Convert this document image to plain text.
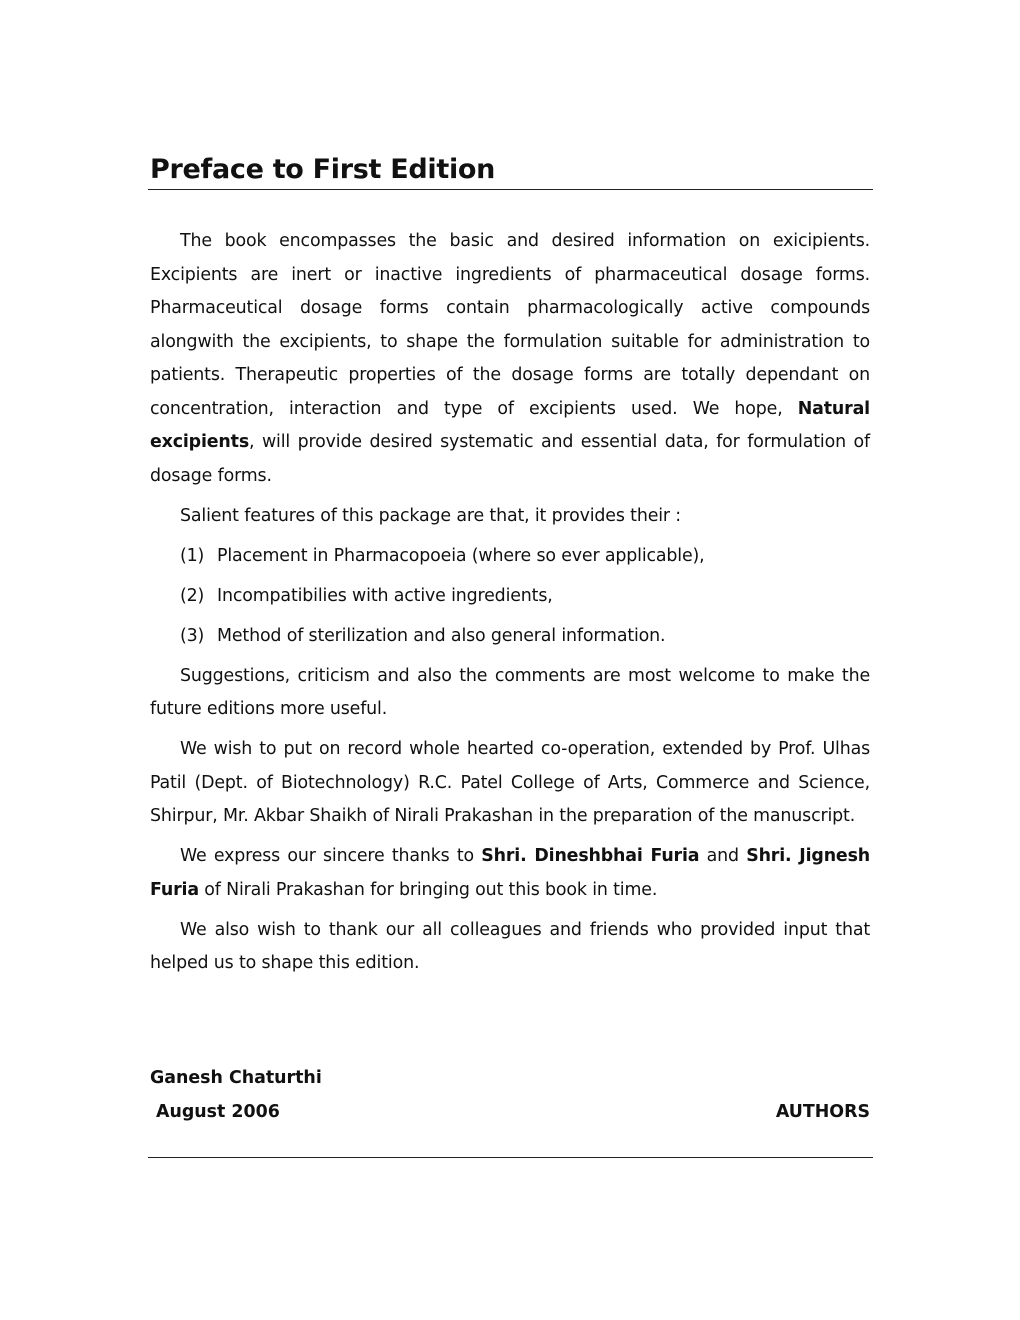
Preface to First Edition

The book encompasses the basic and desired information on exicipients. Excipients are inert or inactive ingredients of pharmaceutical dosage forms. Pharmaceutical dosage forms contain pharmacologically active compounds alongwith the excipients, to shape the formulation suitable for administration to patients. Therapeutic properties of the dosage forms are totally dependant on concentration, interaction and type of excipients used. We hope, Natural excipients, will provide desired systematic and essential data, for formulation of dosage forms.

Salient features of this package are that, it provides their :

(1) Placement in Pharmacopoeia (where so ever applicable),
(2) Incompatibilies with active ingredients,
(3) Method of sterilization and also general information.

Suggestions, criticism and also the comments are most welcome to make the future editions more useful.

We wish to put on record whole hearted co-operation, extended by Prof. Ulhas Patil (Dept. of Biotechnology) R.C. Patel College of Arts, Commerce and Science, Shirpur, Mr. Akbar Shaikh of Nirali Prakashan in the preparation of the manuscript.

We express our sincere thanks to Shri. Dineshbhai Furia and Shri. Jignesh Furia of Nirali Prakashan for bringing out this book in time.

We also wish to thank our all colleagues and friends who provided input that helped us to shape this edition.

Ganesh Chaturthi
August 2006	AUTHORS
